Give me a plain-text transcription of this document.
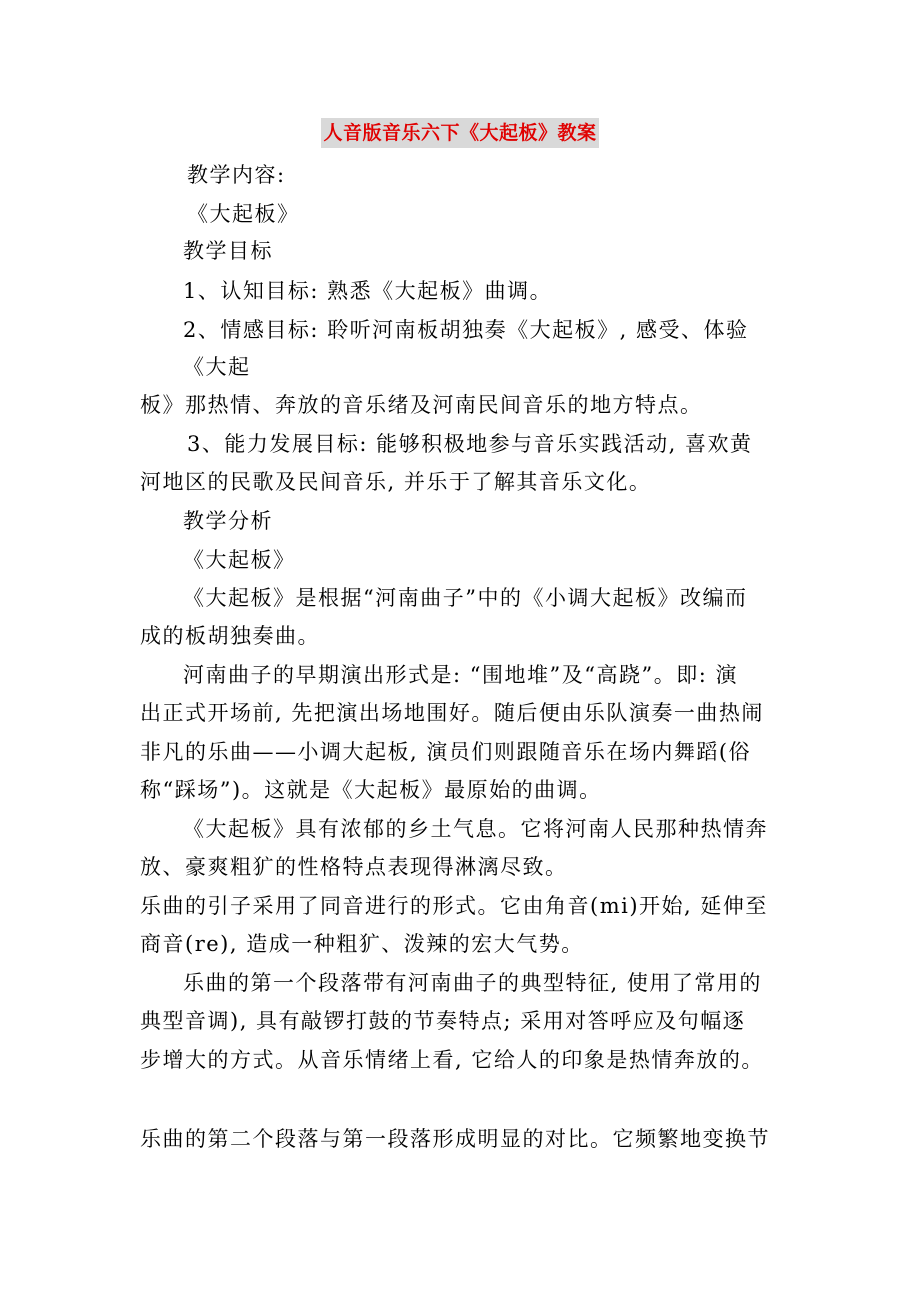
人音版音乐六下《大起板》教案
教学内容:
《大起板》
教学目标
1、认知目标: 熟悉《大起板》曲调。
2、情感目标: 聆听河南板胡独奏《大起板》, 感受、体验
《大起
板》那热情、奔放的音乐绪及河南民间音乐的地方特点。
3、能力发展目标: 能够积极地参与音乐实践活动, 喜欢黄
河地区的民歌及民间音乐, 并乐于了解其音乐文化。
教学分析
《大起板》
《大起板》是根据“河南曲子”中的《小调大起板》改编而
成的板胡独奏曲。
河南曲子的早期演出形式是: “围地堆”及“高跷”。即: 演
出正式开场前, 先把演出场地围好。随后便由乐队演奏一曲热闹
非凡的乐曲——小调大起板, 演员们则跟随音乐在场内舞蹈(俗
称“踩场”)。这就是《大起板》最原始的曲调。
《大起板》具有浓郁的乡土气息。它将河南人民那种热情奔
放、豪爽粗犷的性格特点表现得淋漓尽致。
乐曲的引子采用了同音进行的形式。它由角音(mi)开始, 延伸至
商音(re), 造成一种粗犷、泼辣的宏大气势。
乐曲的第一个段落带有河南曲子的典型特征, 使用了常用的
典型音调), 具有敲锣打鼓的节奏特点; 采用对答呼应及句幅逐
步增大的方式。从音乐情绪上看, 它给人的印象是热情奔放的。
乐曲的第二个段落与第一段落形成明显的对比。它频繁地变换节
